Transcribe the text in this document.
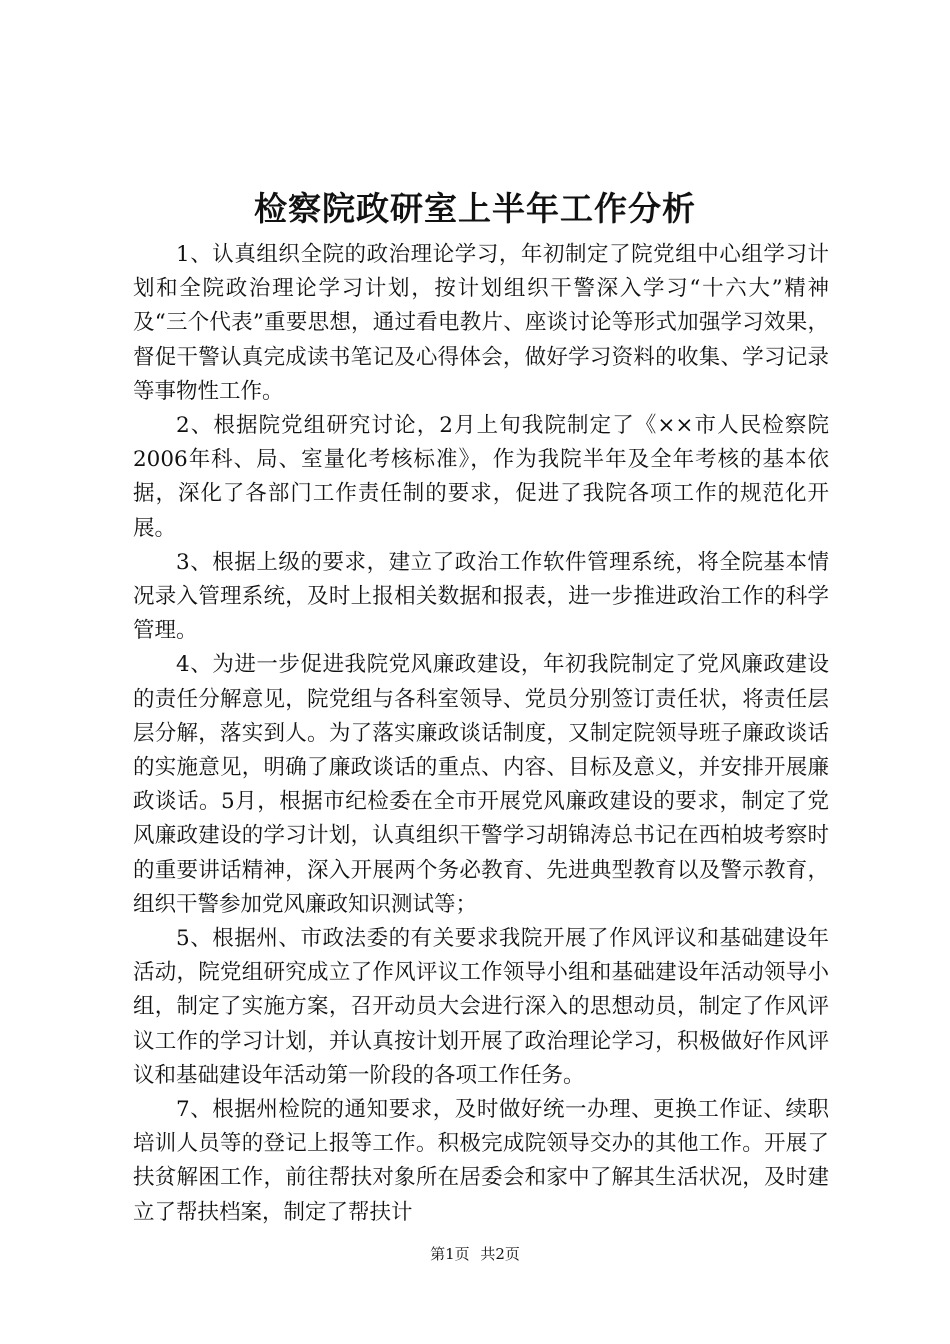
检察院政研室上半年工作分析

1、认真组织全院的政治理论学习，年初制定了院党组中心组学习计划和全院政治理论学习计划，按计划组织干警深入学习“十六大”精神及“三个代表”重要思想，通过看电教片、座谈讨论等形式加强学习效果，督促干警认真完成读书笔记及心得体会，做好学习资料的收集、学习记录等事物性工作。

2、根据院党组研究讨论，2月上旬我院制定了《××市人民检察院2006年科、局、室量化考核标准》，作为我院半年及全年考核的基本依据，深化了各部门工作责任制的要求，促进了我院各项工作的规范化开展。

3、根据上级的要求，建立了政治工作软件管理系统，将全院基本情况录入管理系统，及时上报相关数据和报表，进一步推进政治工作的科学管理。

4、为进一步促进我院党风廉政建设，年初我院制定了党风廉政建设的责任分解意见，院党组与各科室领导、党员分别签订责任状，将责任层层分解，落实到人。为了落实廉政谈话制度，又制定院领导班子廉政谈话的实施意见，明确了廉政谈话的重点、内容、目标及意义，并安排开展廉政谈话。5月，根据市纪检委在全市开展党风廉政建设的要求，制定了党风廉政建设的学习计划，认真组织干警学习胡锦涛总书记在西柏坡考察时的重要讲话精神，深入开展两个务必教育、先进典型教育以及警示教育，组织干警参加党风廉政知识测试等；

5、根据州、市政法委的有关要求我院开展了作风评议和基础建设年活动，院党组研究成立了作风评议工作领导小组和基础建设年活动领导小组，制定了实施方案，召开动员大会进行深入的思想动员，制定了作风评议工作的学习计划，并认真按计划开展了政治理论学习，积极做好作风评议和基础建设年活动第一阶段的各项工作任务。

7、根据州检院的通知要求，及时做好统一办理、更换工作证、续职培训人员等的登记上报等工作。积极完成院领导交办的其他工作。开展了扶贫解困工作，前往帮扶对象所在居委会和家中了解其生活状况，及时建立了帮扶档案，制定了帮扶计

第1页 共2页
